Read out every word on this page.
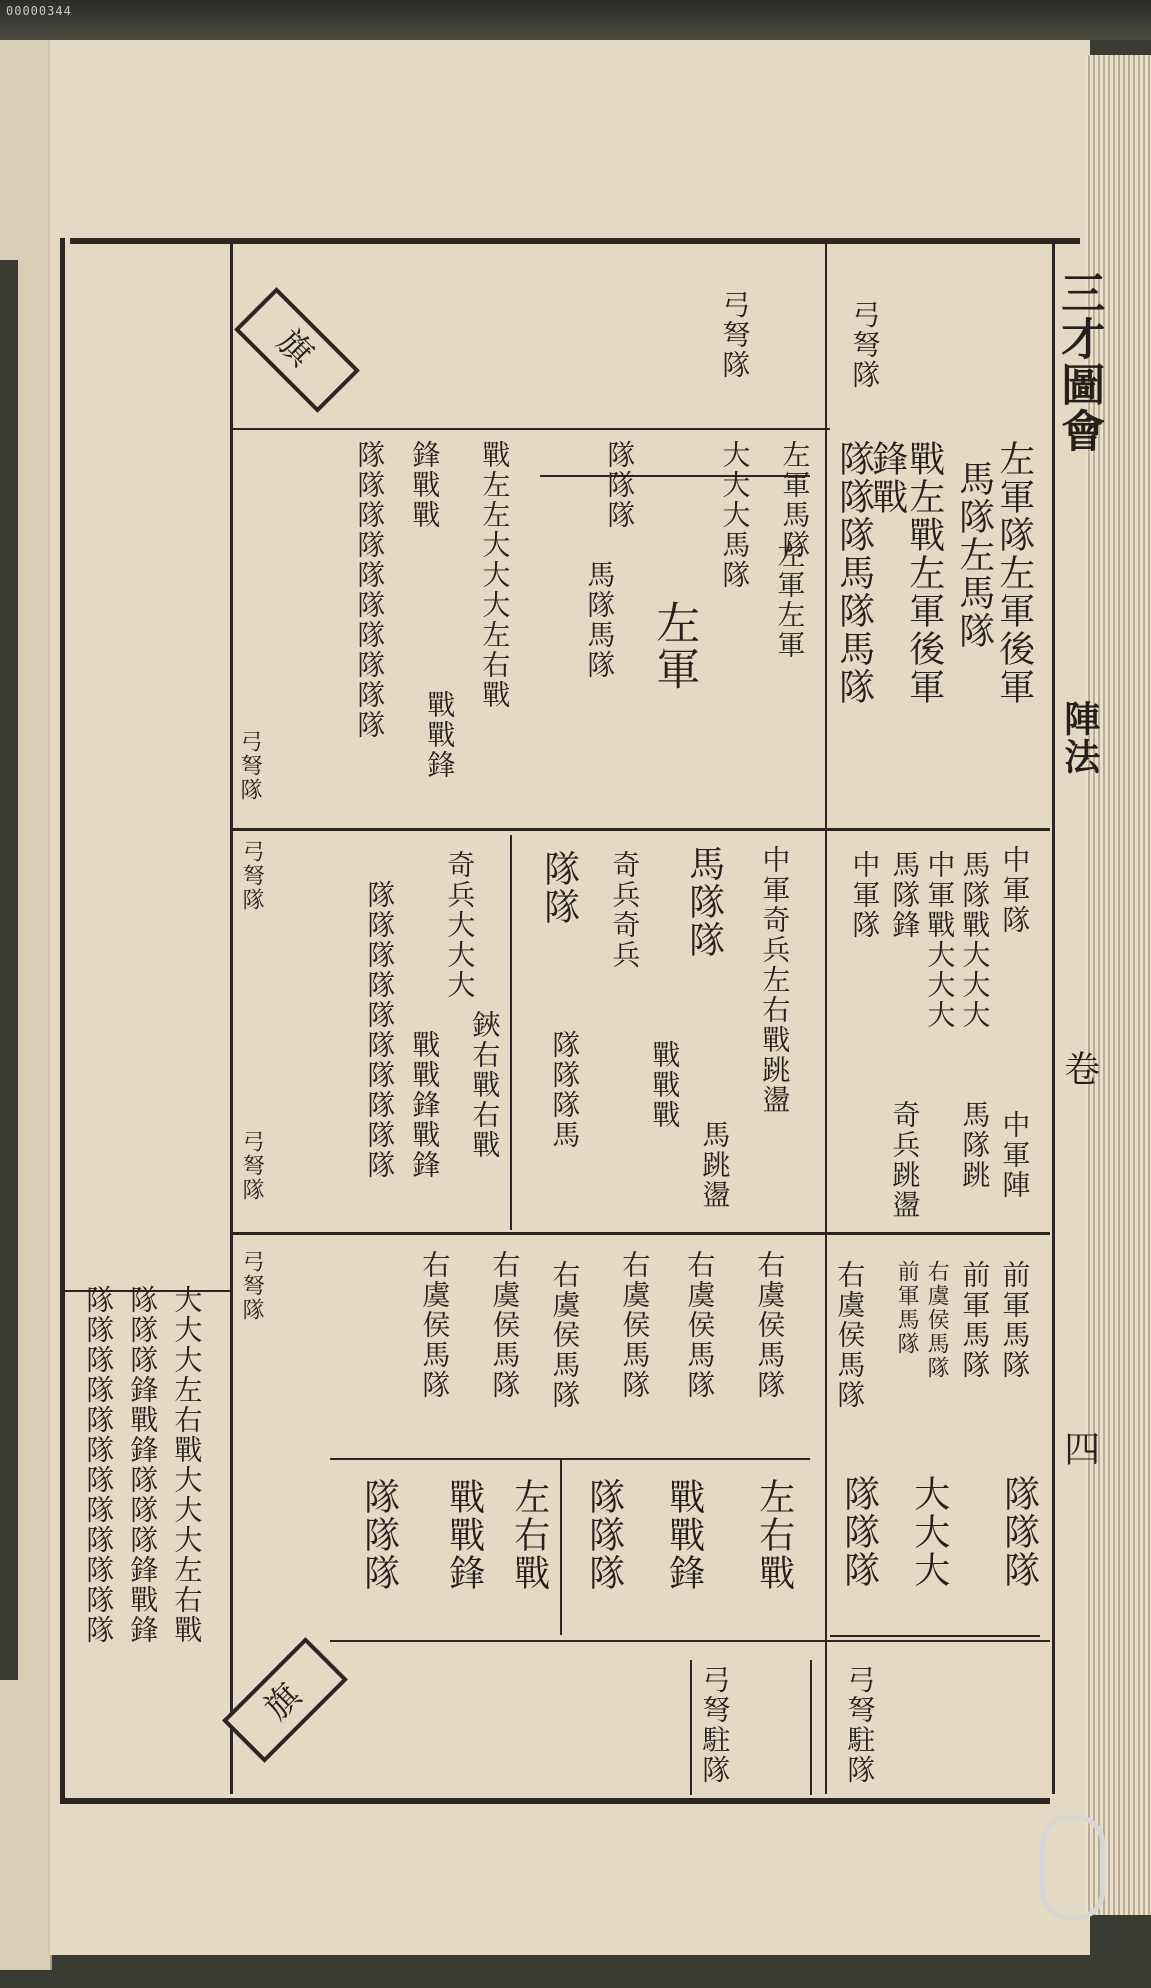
00000344
旗
旗
三才圖會
陣法
卷
四
弓弩隊	弓弩隊
左軍隊左軍後軍
馬隊左馬隊
戰左戰左軍後軍
鋒戰
隊隊隊馬隊馬隊
左軍左軍
左軍馬隊
大大大馬隊
左軍
馬隊馬隊
隊隊隊
戰左左大大大左右戰
鋒戰戰
戰戰鋒
隊隊隊隊隊隊隊隊隊隊
弓弩隊
中軍隊
馬隊戰大大大
中軍戰大大大
馬隊鋒
中軍隊
馬隊跳
奇兵跳盪	中軍陣
中軍奇兵左右戰跳盪
馬隊隊
奇兵奇兵
戰戰戰
馬跳盪
隊隊
隊隊隊馬
奇兵大大大
鋏右戰右戰
戰戰鋒戰鋒
隊隊隊隊隊隊隊隊隊隊
弓弩隊
弓弩隊
前軍馬隊
前軍馬隊
右虞侯馬隊
前軍馬隊
右虞侯馬隊
隊隊隊
大大大
隊隊隊
右虞侯馬隊
右虞侯馬隊
右虞侯馬隊
右虞侯馬隊
右虞侯馬隊
右虞侯馬隊
左右戰
戰戰鋒
隊隊隊
左右戰
戰戰鋒
隊隊隊
弓弩隊
弓弩駐隊
弓弩駐隊
大大大左右戰大大大左右戰
隊隊隊鋒戰鋒隊隊隊鋒戰鋒
隊隊隊隊隊隊隊隊隊隊隊隊
